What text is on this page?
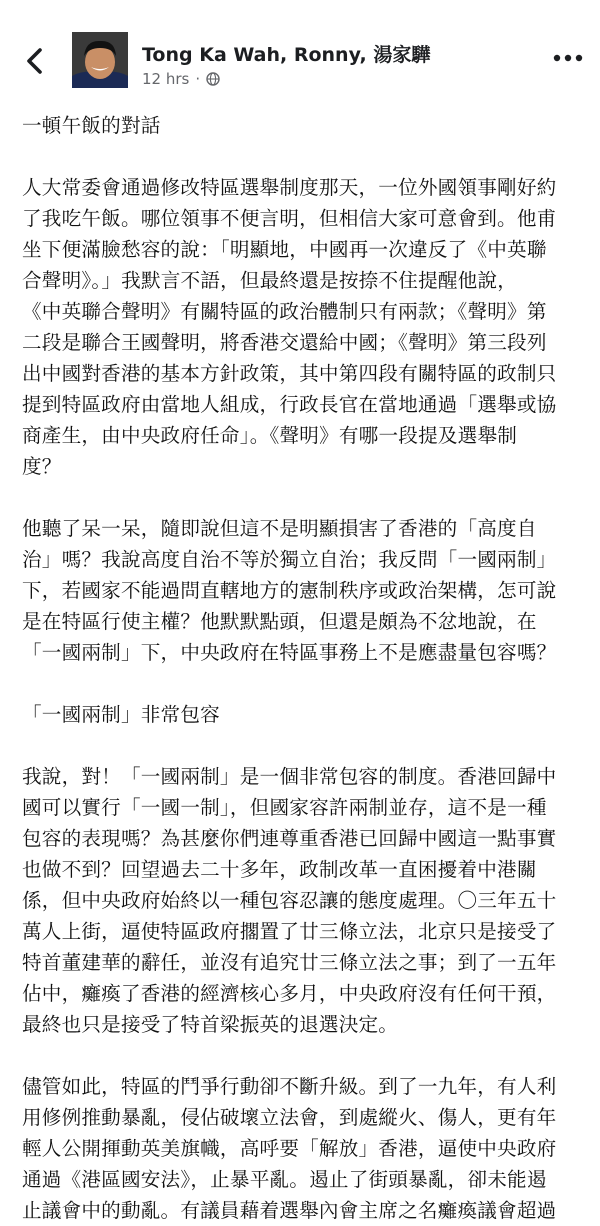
Tong Ka Wah, Ronny, 湯家驊
12 hrs ·

一頓午飯的對話

人大常委會通過修改特區選舉制度那天，一位外國領事剛好約

了我吃午飯。哪位領事不便言明，但相信大家可意會到。他甫

坐下便滿臉愁容的說：「明顯地，中國再一次違反了《中英聯

合聲明》。」我默言不語，但最終還是按捺不住提醒他說，

《中英聯合聲明》有關特區的政治體制只有兩款；《聲明》第

二段是聯合王國聲明，將香港交還給中國；《聲明》第三段列

出中國對香港的基本方針政策，其中第四段有關特區的政制只

提到特區政府由當地人組成，行政長官在當地通過「選舉或協

商產生，由中央政府任命」。《聲明》有哪一段提及選舉制

度？

他聽了呆一呆，隨即說但這不是明顯損害了香港的「高度自

治」嗎？我說高度自治不等於獨立自治；我反問「一國兩制」

下，若國家不能過問直轄地方的憲制秩序或政治架構，怎可說

是在特區行使主權？他默默點頭，但還是頗為不忿地說，在

「一國兩制」下，中央政府在特區事務上不是應盡量包容嗎？

「一國兩制」非常包容

我說，對！「一國兩制」是一個非常包容的制度。香港回歸中

國可以實行「一國一制」，但國家容許兩制並存，這不是一種

包容的表現嗎？為甚麼你們連尊重香港已回歸中國這一點事實

也做不到？回望過去二十多年，政制改革一直困擾着中港關

係，但中央政府始終以一種包容忍讓的態度處理。〇三年五十

萬人上街，逼使特區政府擱置了廿三條立法，北京只是接受了

特首董建華的辭任，並沒有追究廿三條立法之事；到了一五年

佔中，癱瘓了香港的經濟核心多月，中央政府沒有任何干預，

最終也只是接受了特首梁振英的退選決定。

儘管如此，特區的鬥爭行動卻不斷升級。到了一九年，有人利

用修例推動暴亂，侵佔破壞立法會，到處縱火、傷人，更有年

輕人公開揮動英美旗幟，高呼要「解放」香港，逼使中央政府

通過《港區國安法》，止暴平亂。遏止了街頭暴亂，卻未能遏

止議會中的動亂。有議員藉着選舉內會主席之名癱瘓議會超過
